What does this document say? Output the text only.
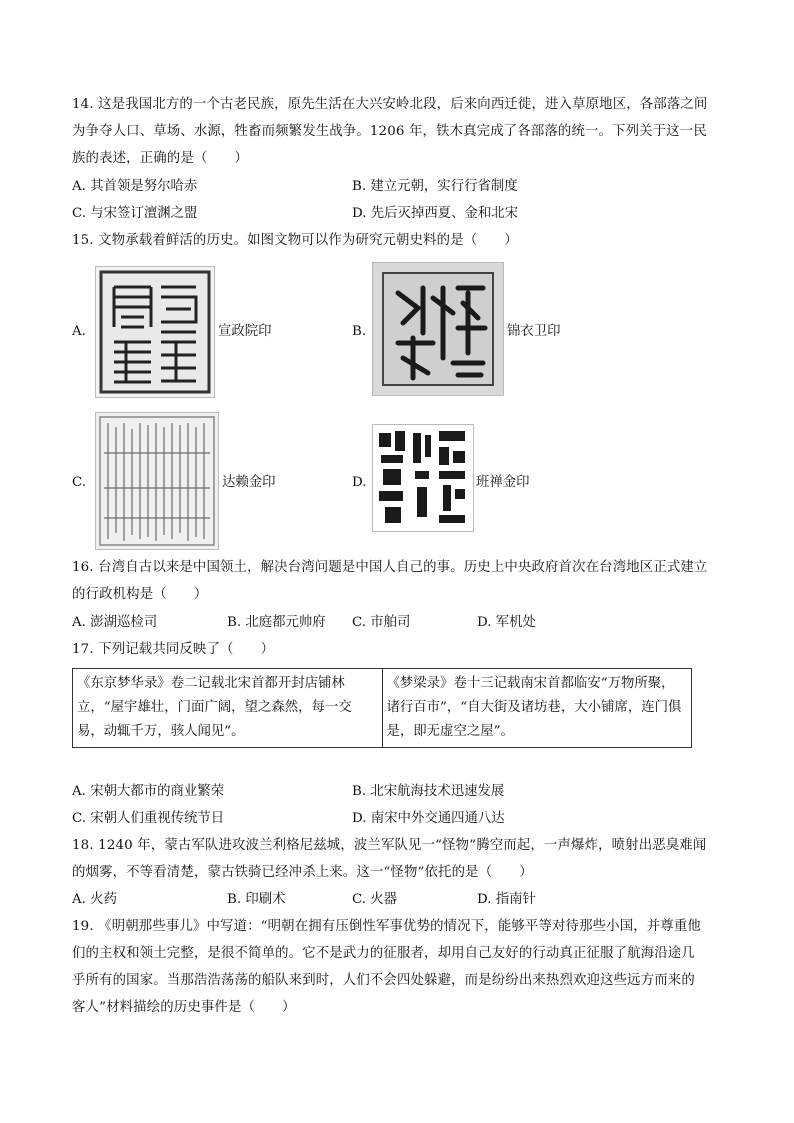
14. 这是我国北方的一个古老民族，原先生活在大兴安岭北段，后来向西迁徙，进入草原地区，各部落之间
为争夺人口、草场、水源，牲畜而频繁发生战争。1206 年，铁木真完成了各部落的统一。下列关于这一民
族的表述，正确的是（　　）
A. 其首领是努尔哈赤	B. 建立元朝，实行行省制度
C. 与宋签订澶渊之盟	D. 先后灭掉西夏、金和北宋
15. 文物承载着鲜活的历史。如图文物可以作为研究元朝史料的是（　　）
A.	宣政院印	B.	锦衣卫印
C.	达赖金印	D.	班禅金印
16. 台湾自古以来是中国领土，解决台湾问题是中国人自己的事。历史上中央政府首次在台湾地区正式建立
的行政机构是（　　）
A. 澎湖巡检司	B. 北庭都元帅府 C. 市舶司	D. 军机处
17. 下列记载共同反映了（　　）
《东京梦华录》卷二记载北宋首都开封店铺林立，“屋宇雄壮，门面广阔，望之森然，每一交易，动辄千万，骇人闻见”。	《梦梁录》卷十三记载南宋首都临安“万物所聚，诸行百市”，“自大街及诸坊巷，大小铺席，连门俱是，即无虚空之屋”。
A. 宋朝大都市的商业繁荣	B. 北宋航海技术迅速发展
C. 宋朝人们重视传统节日	D. 南宋中外交通四通八达
18. 1240 年，蒙古军队进攻波兰利格尼兹城，波兰军队见一“怪物”腾空而起，一声爆炸，喷射出恶臭难闻
的烟雾，不等看清楚，蒙古铁骑已经冲杀上来。这一“怪物”依托的是（　　）
A. 火药	B. 印刷术	C. 火器	D. 指南针
19. 《明朝那些事儿》中写道：“明朝在拥有压倒性军事优势的情况下，能够平等对待那些小国，并尊重他
们的主权和领土完整，是很不简单的。它不是武力的征服者，却用自己友好的行动真正征服了航海沿途几
乎所有的国家。当那浩浩荡荡的船队来到时，人们不会四处躲避，而是纷纷出来热烈欢迎这些远方而来的
客人”材料描绘的历史事件是（　　）
